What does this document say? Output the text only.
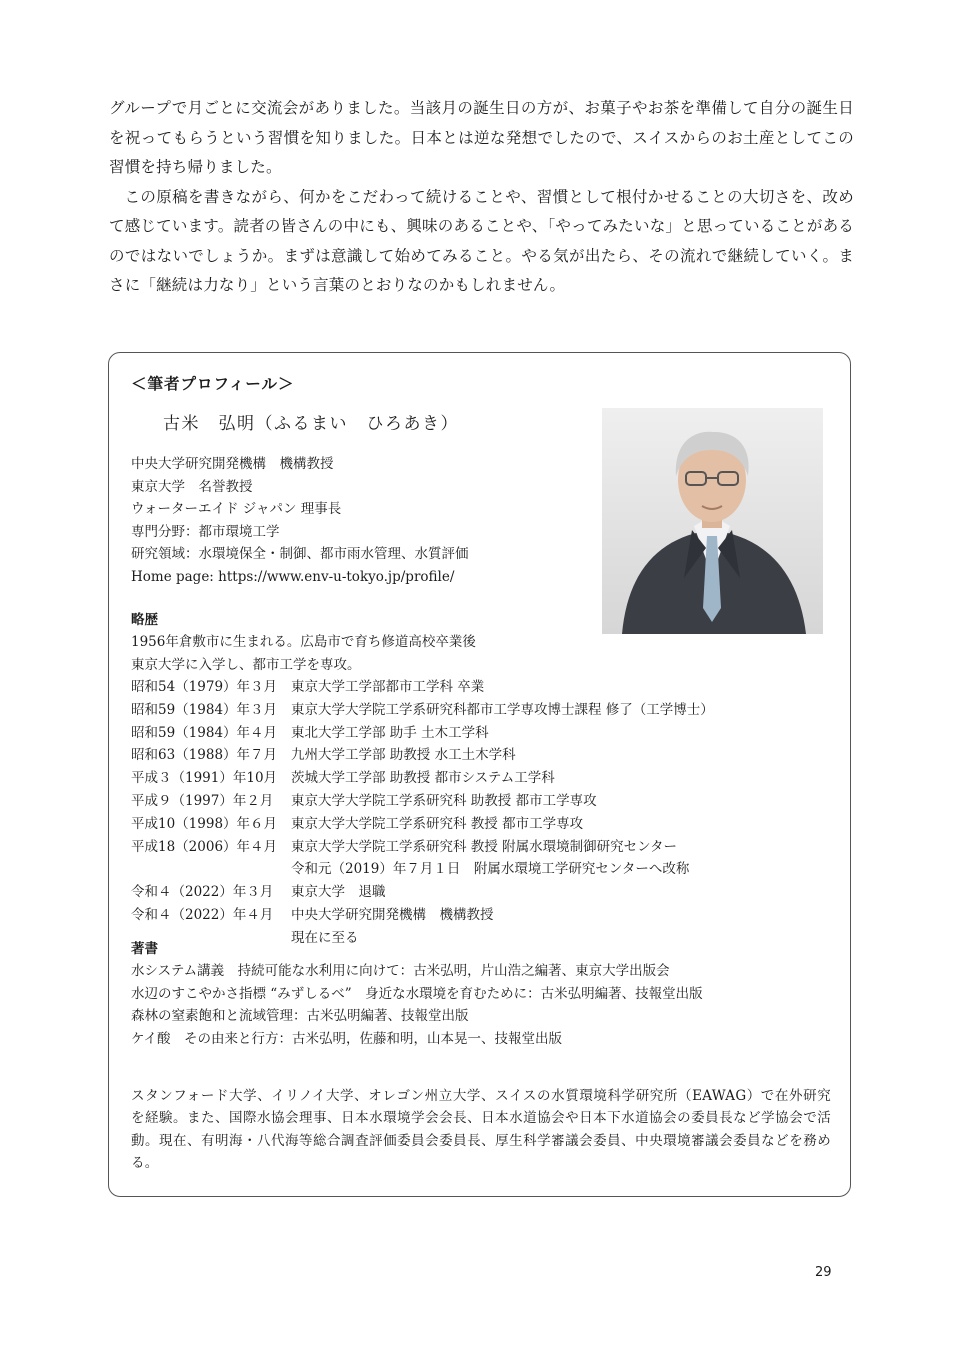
グループで月ごとに交流会がありました。当該月の誕生日の方が、お菓子やお茶を準備して自分の誕生日を祝ってもらうという習慣を知りました。日本とは逆な発想でしたので、スイスからのお土産としてこの習慣を持ち帰りました。

この原稿を書きながら、何かをこだわって続けることや、習慣として根付かせることの大切さを、改めて感じています。読者の皆さんの中にも、興味のあることや、「やってみたいな」と思っていることがあるのではないでしょうか。まずは意識して始めてみること。やる気が出たら、その流れで継続していく。まさに「継続は力なり」という言葉のとおりなのかもしれません。

＜筆者プロフィール＞
古米　弘明（ふるまい　ひろあき）
中央大学研究開発機構　機構教授
東京大学　名誉教授
ウォーターエイド ジャパン 理事長
専門分野：都市環境工学
研究領域：水環境保全・制御、都市雨水管理、水質評価
Home page: https://www.env-u-tokyo.jp/profile/
略歴
1956年倉敷市に生まれる。広島市で育ち修道高校卒業後
東京大学に入学し、都市工学を専攻。
昭和54（1979）年３月	東京大学工学部都市工学科 卒業
昭和59（1984）年３月	東京大学大学院工学系研究科都市工学専攻博士課程 修了（工学博士）
昭和59（1984）年４月	東北大学工学部 助手 土木工学科
昭和63（1988）年７月	九州大学工学部 助教授 水工土木学科
平成３（1991）年10月	茨城大学工学部 助教授 都市システム工学科
平成９（1997）年２月	東京大学大学院工学系研究科 助教授 都市工学専攻
平成10（1998）年６月	東京大学大学院工学系研究科 教授 都市工学専攻
平成18（2006）年４月	東京大学大学院工学系研究科 教授 附属水環境制御研究センター
令和元（2019）年７月１日　附属水環境工学研究センターへ改称
令和４（2022）年３月	東京大学　退職
令和４（2022）年４月	中央大学研究開発機構　機構教授
現在に至る
著書
水システム講義　持続可能な水利用に向けて：古米弘明，片山浩之編著、東京大学出版会
水辺のすこやかさ指標 “みずしるべ”　身近な水環境を育むために：古米弘明編著、技報堂出版
森林の窒素飽和と流域管理：古米弘明編著、技報堂出版
ケイ酸　その由来と行方：古米弘明，佐藤和明，山本晃一、技報堂出版

スタンフォード大学、イリノイ大学、オレゴン州立大学、スイスの水質環境科学研究所（EAWAG）で在外研究を経験。また、国際水協会理事、日本水環境学会会長、日本水道協会や日本下水道協会の委員長など学協会で活動。現在、有明海・八代海等総合調査評価委員会委員長、厚生科学審議会委員、中央環境審議会委員などを務める。

29
